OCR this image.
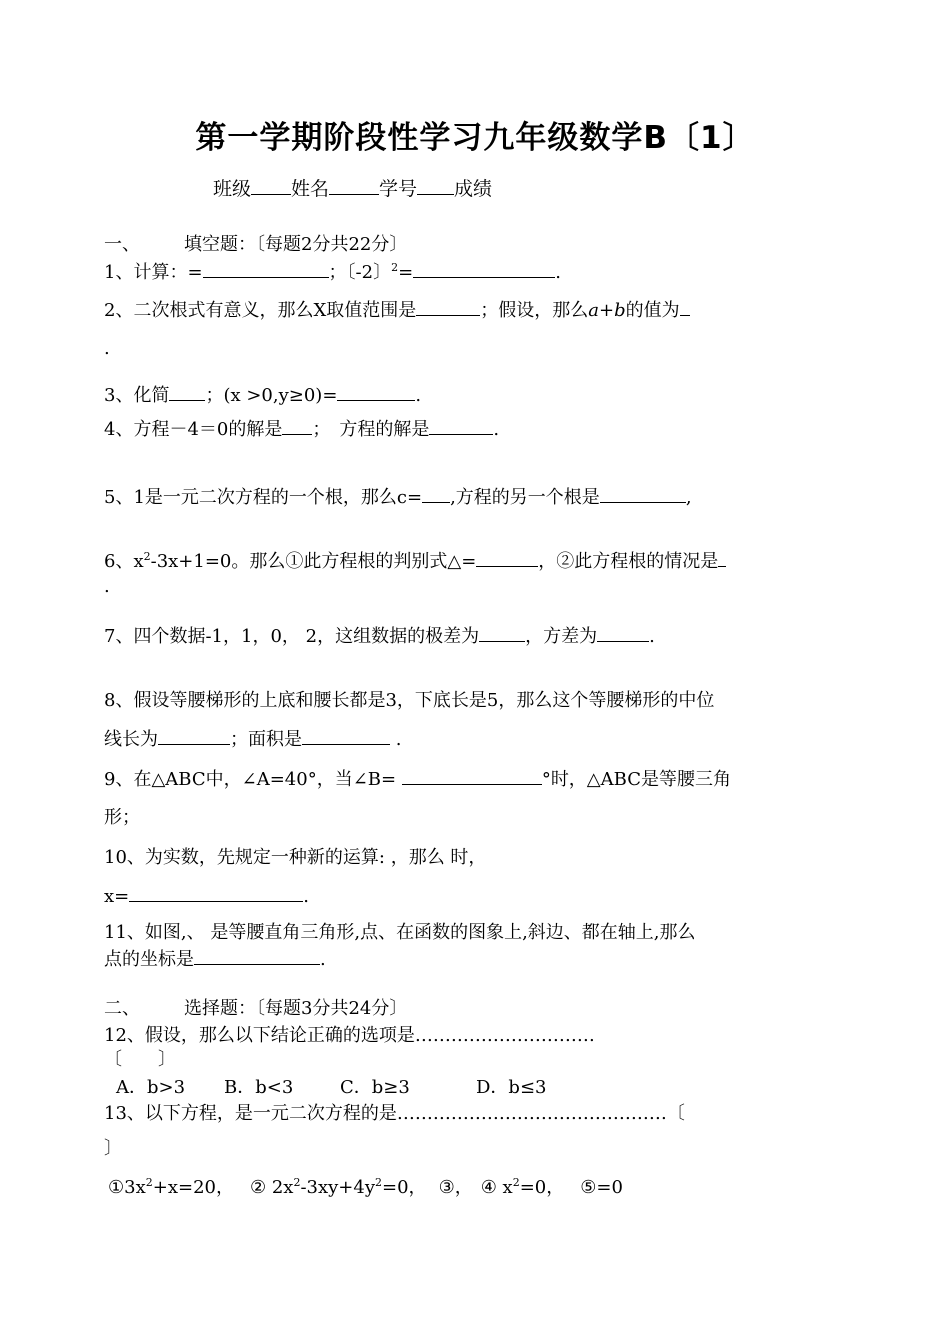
第一学期阶段性学习九年级数学B〔1〕
班级 姓名	学号 成绩
一、 填空题：〔每题2分共22分〕
1、计算：=	；〔-2〕$^2$=	.
2、二次根式有意义，那么X取值范围是	；假设，那么a+b的值为
.
3、化简 ；(x >0,y≥0)=	.
4、方程－4＝0的解是 ；　方程的解是	.
5、1是一元二次方程的一个根，那么c= ,方程的另一个根是	,
6、$x^2-3x+1=0$。那么①此方程根的判别式△=	，②此方程根的情况是
.
7、四个数据-1，1，0， 2，这组数据的极差为	，方差为	.
8、假设等腰梯形的上底和腰长都是3，下底长是5，那么这个等腰梯形的中位
线长为	；面积是	.
9、在△ABC中，∠A=40°，当∠B=	°时，△ABC是等腰三角
形；
10、为实数，先规定一种新的运算: ，那么 时，
x=	.
11、如图,、 是等腰直角三角形,点、在函数的图象上,斜边、都在轴上,那么
点的坐标是	.
二、 选择题：〔每题3分共24分〕
12、假设，那么以下结论正确的选项是…………………………
〔　　〕
A．b>3 B．b<3	C．b≥3	D．b≤3
13、以下方程，是一元二次方程的是………………………………………〔
〕
$①3x^2+x=20$， ② $2x^2-3xy+4y^2=0$， ③， ④ $x^2=0$， ⑤=0
